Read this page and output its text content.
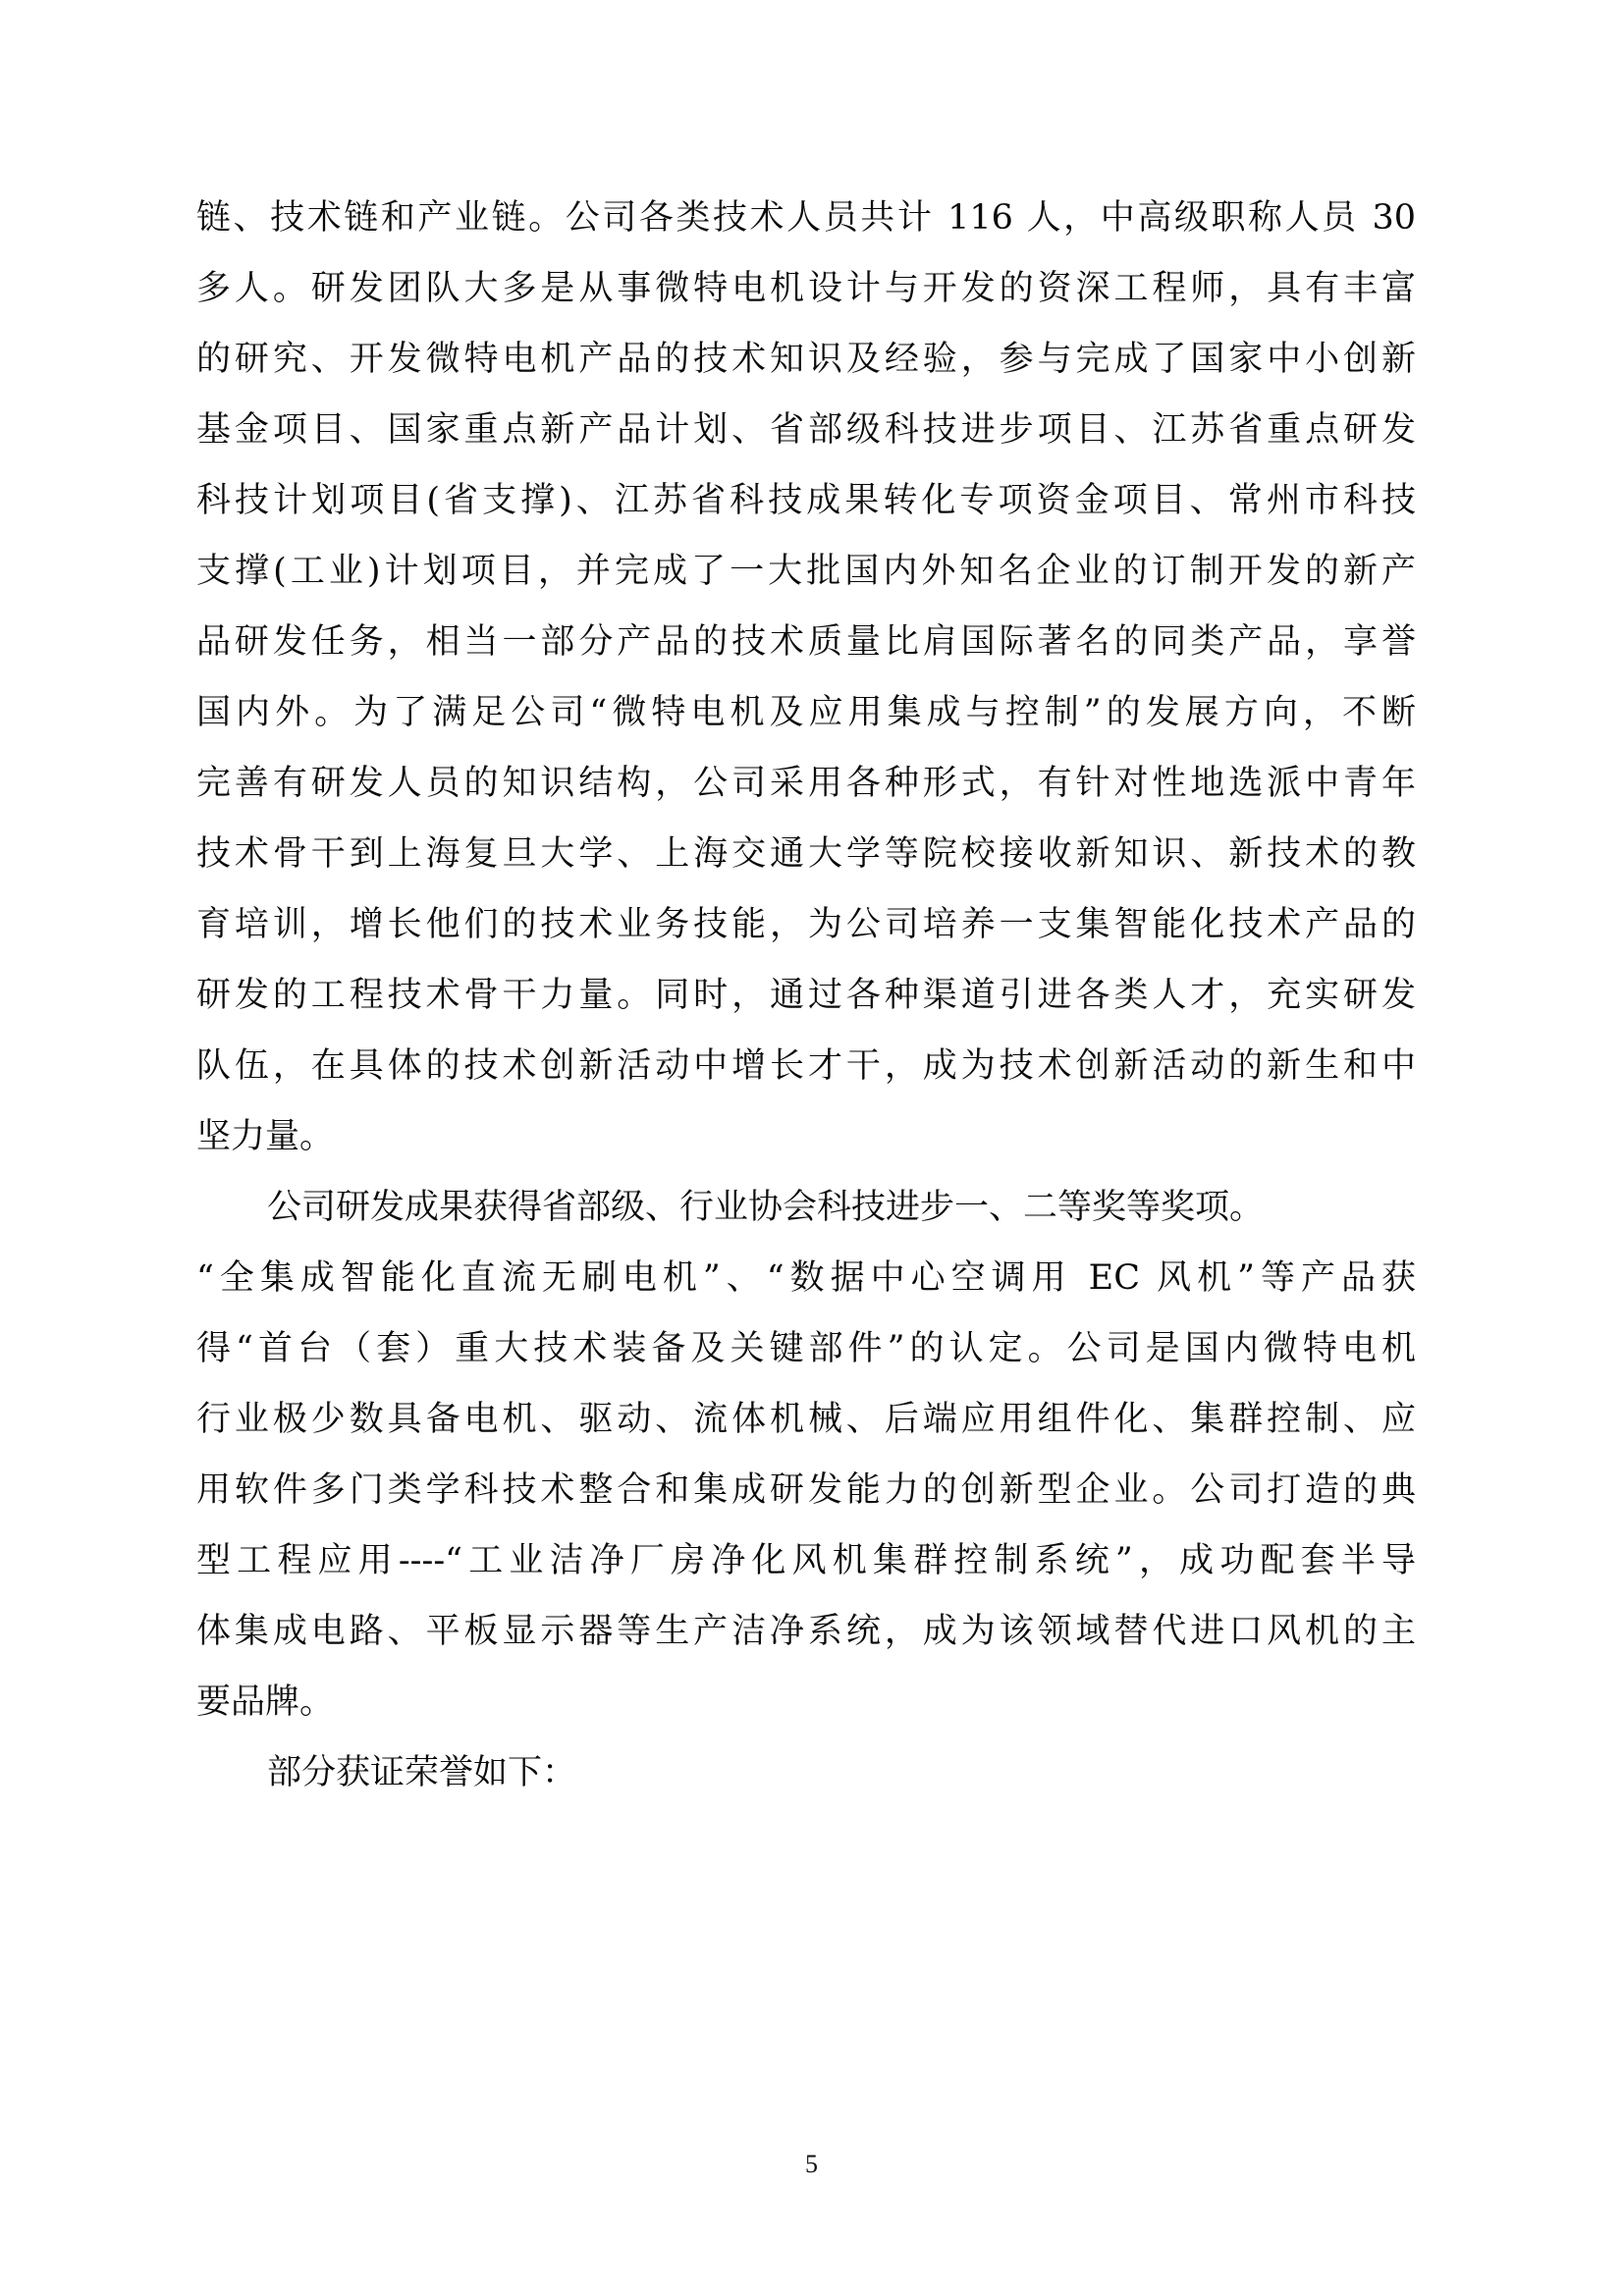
链、技术链和产业链。公司各类技术人员共计 116 人，中高级职称人员 30
多人。研发团队大多是从事微特电机设计与开发的资深工程师，具有丰富
的研究、开发微特电机产品的技术知识及经验，参与完成了国家中小创新
基金项目、国家重点新产品计划、省部级科技进步项目、江苏省重点研发
科技计划项目(省支撑)、江苏省科技成果转化专项资金项目、常州市科技
支撑(工业)计划项目，并完成了一大批国内外知名企业的订制开发的新产
品研发任务，相当一部分产品的技术质量比肩国际著名的同类产品，享誉
国内外。为了满足公司“微特电机及应用集成与控制”的发展方向，不断
完善有研发人员的知识结构，公司采用各种形式，有针对性地选派中青年
技术骨干到上海复旦大学、上海交通大学等院校接收新知识、新技术的教
育培训，增长他们的技术业务技能，为公司培养一支集智能化技术产品的
研发的工程技术骨干力量。同时，通过各种渠道引进各类人才，充实研发
队伍，在具体的技术创新活动中增长才干，成为技术创新活动的新生和中
坚力量。
公司研发成果获得省部级、行业协会科技进步一、二等奖等奖项。
“全集成智能化直流无刷电机”、“数据中心空调用 EC 风机”等产品获
得“首台（套）重大技术装备及关键部件”的认定。公司是国内微特电机
行业极少数具备电机、驱动、流体机械、后端应用组件化、集群控制、应
用软件多门类学科技术整合和集成研发能力的创新型企业。公司打造的典
型工程应用----“工业洁净厂房净化风机集群控制系统”，成功配套半导
体集成电路、平板显示器等生产洁净系统，成为该领域替代进口风机的主
要品牌。
部分获证荣誉如下：
5
